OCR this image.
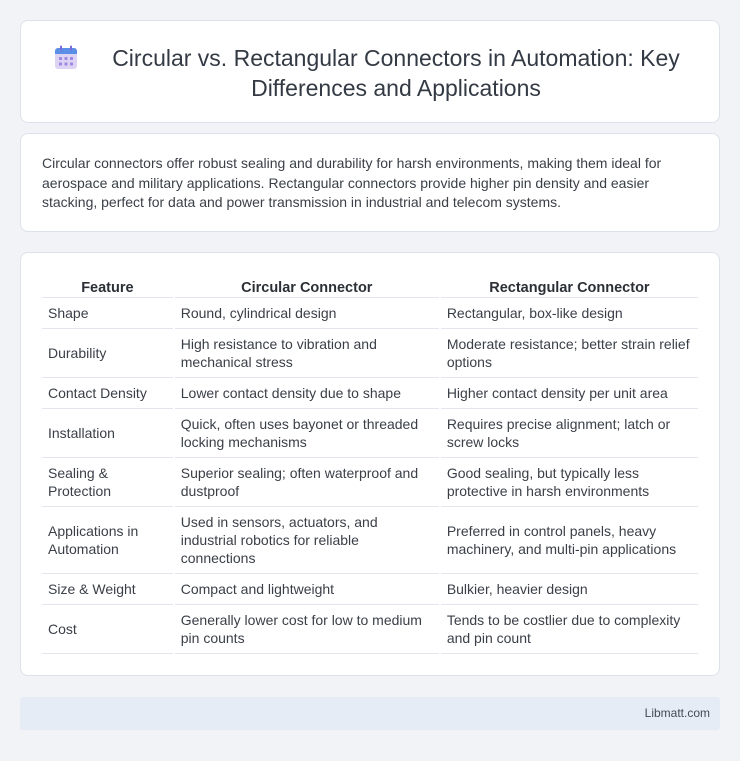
Circular vs. Rectangular Connectors in Automation: Key Differences and Applications

Circular connectors offer robust sealing and durability for harsh environments, making them ideal for aerospace and military applications. Rectangular connectors provide higher pin density and easier stacking, perfect for data and power transmission in industrial and telecom systems.

Feature		Circular Connector		Rectangular Connector
Shape		Round, cylindrical design		Rectangular, box-like design
Durability		High resistance to vibration and mechanical stress		Moderate resistance; better strain relief options
Contact Density		Lower contact density due to shape		Higher contact density per unit area
Installation		Quick, often uses bayonet or threaded locking mechanisms		Requires precise alignment; latch or screw locks
Sealing & Protection		Superior sealing; often waterproof and dustproof		Good sealing, but typically less protective in harsh environments
Applications in Automation		Used in sensors, actuators, and industrial robotics for reliable connections		Preferred in control panels, heavy machinery, and multi-pin applications
Size & Weight		Compact and lightweight		Bulkier, heavier design
Cost		Generally lower cost for low to medium pin counts		Tends to be costlier due to complexity and pin count
Libmatt.com
